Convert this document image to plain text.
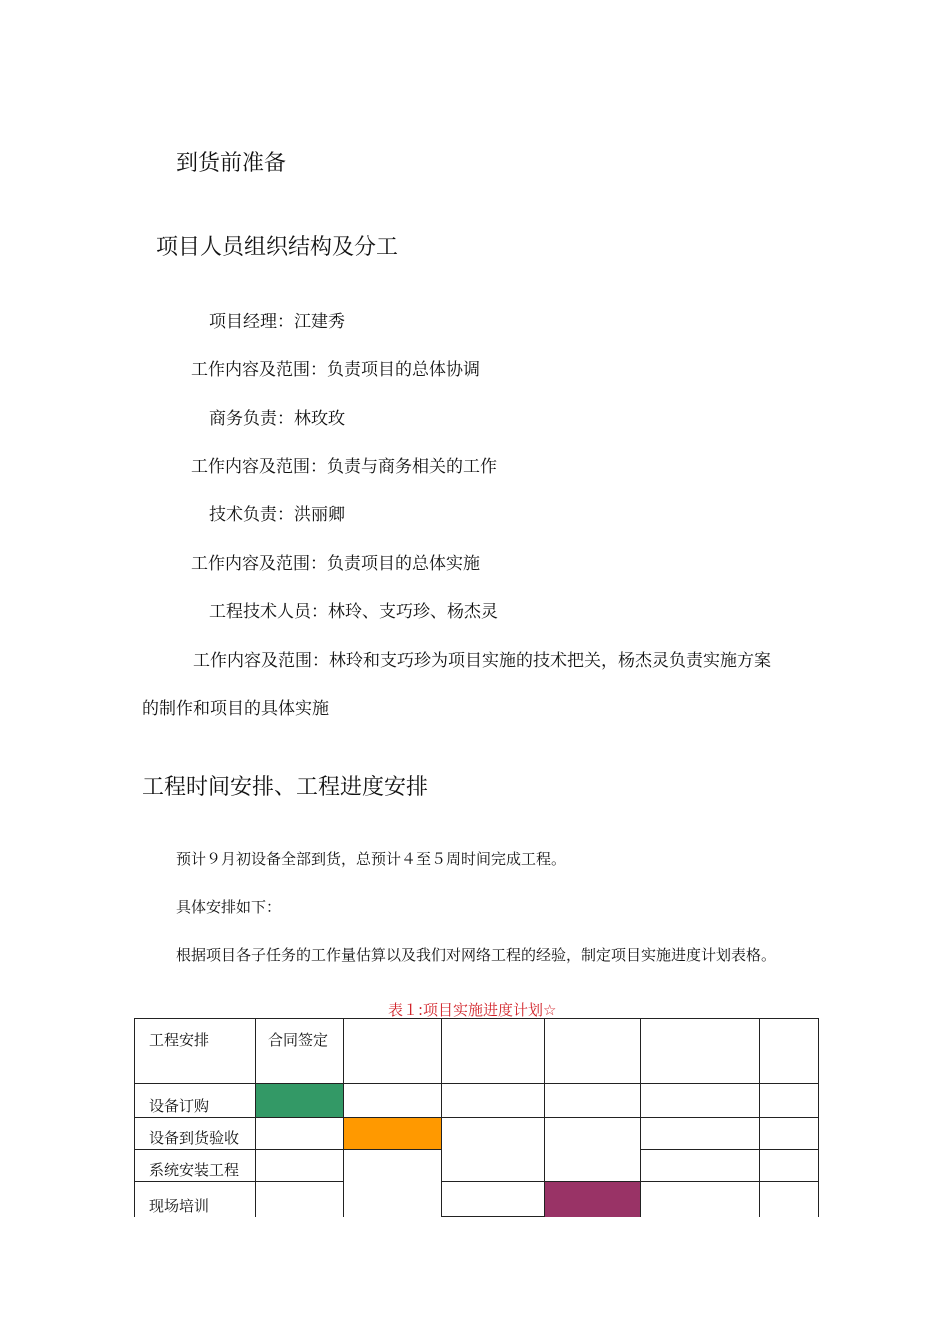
到货前准备
项目人员组织结构及分工
项目经理：江建秀
工作内容及范围：负责项目的总体协调
商务负责：林玫玫
工作内容及范围：负责与商务相关的工作
技术负责：洪丽卿
工作内容及范围：负责项目的总体实施
工程技术人员：林玲、支巧珍、杨杰灵
工作内容及范围：林玲和支巧珍为项目实施的技术把关，杨杰灵负责实施方案
的制作和项目的具体实施
工程时间安排、工程进度安排
预计９月初设备全部到货，总预计４至５周时间完成工程。
具体安排如下：
根据项目各子任务的工作量估算以及我们对网络工程的经验，制定项目实施进度计划表格。
表１:项目实施进度计划☆
工程安排	合同签定					
设备订购						
设备到货验收						
系统安装工程						
现场培训						
